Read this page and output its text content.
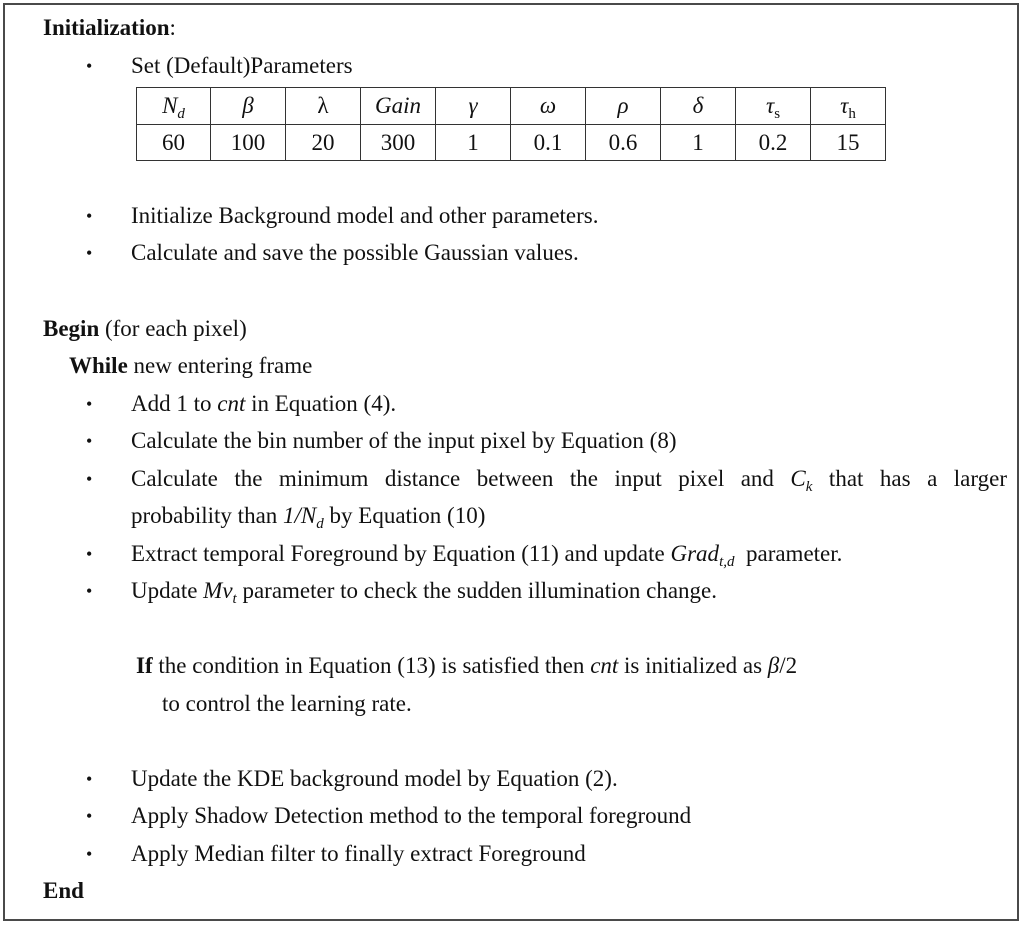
Initialization:
• Set (Default)Parameters
$N_d$	β	λ	Gain	γ	ω	ρ	δ	$\tau_s$	$\tau_h$
60	100	20	300	1	0.1	0.6	1	0.2	15
• Initialize Background model and other parameters.
• Calculate and save the possible Gaussian values.
Begin (for each pixel)
While new entering frame
• Add 1 to cnt in Equation (4).
• Calculate the bin number of the input pixel by Equation (8)
• Calculate the minimum distance between the input pixel and $C_k$ that has a larger
probability than $1/N_d$ by Equation (10)
• Extract temporal Foreground by Equation (11) and update Grad$_{t,d}$  parameter.
• Update $Mv_t$ parameter to check the sudden illumination change.
If the condition in Equation (13) is satisfied then cnt is initialized as β/2
to control the learning rate.
• Update the KDE background model by Equation (2).
• Apply Shadow Detection method to the temporal foreground
• Apply Median filter to finally extract Foreground
End
